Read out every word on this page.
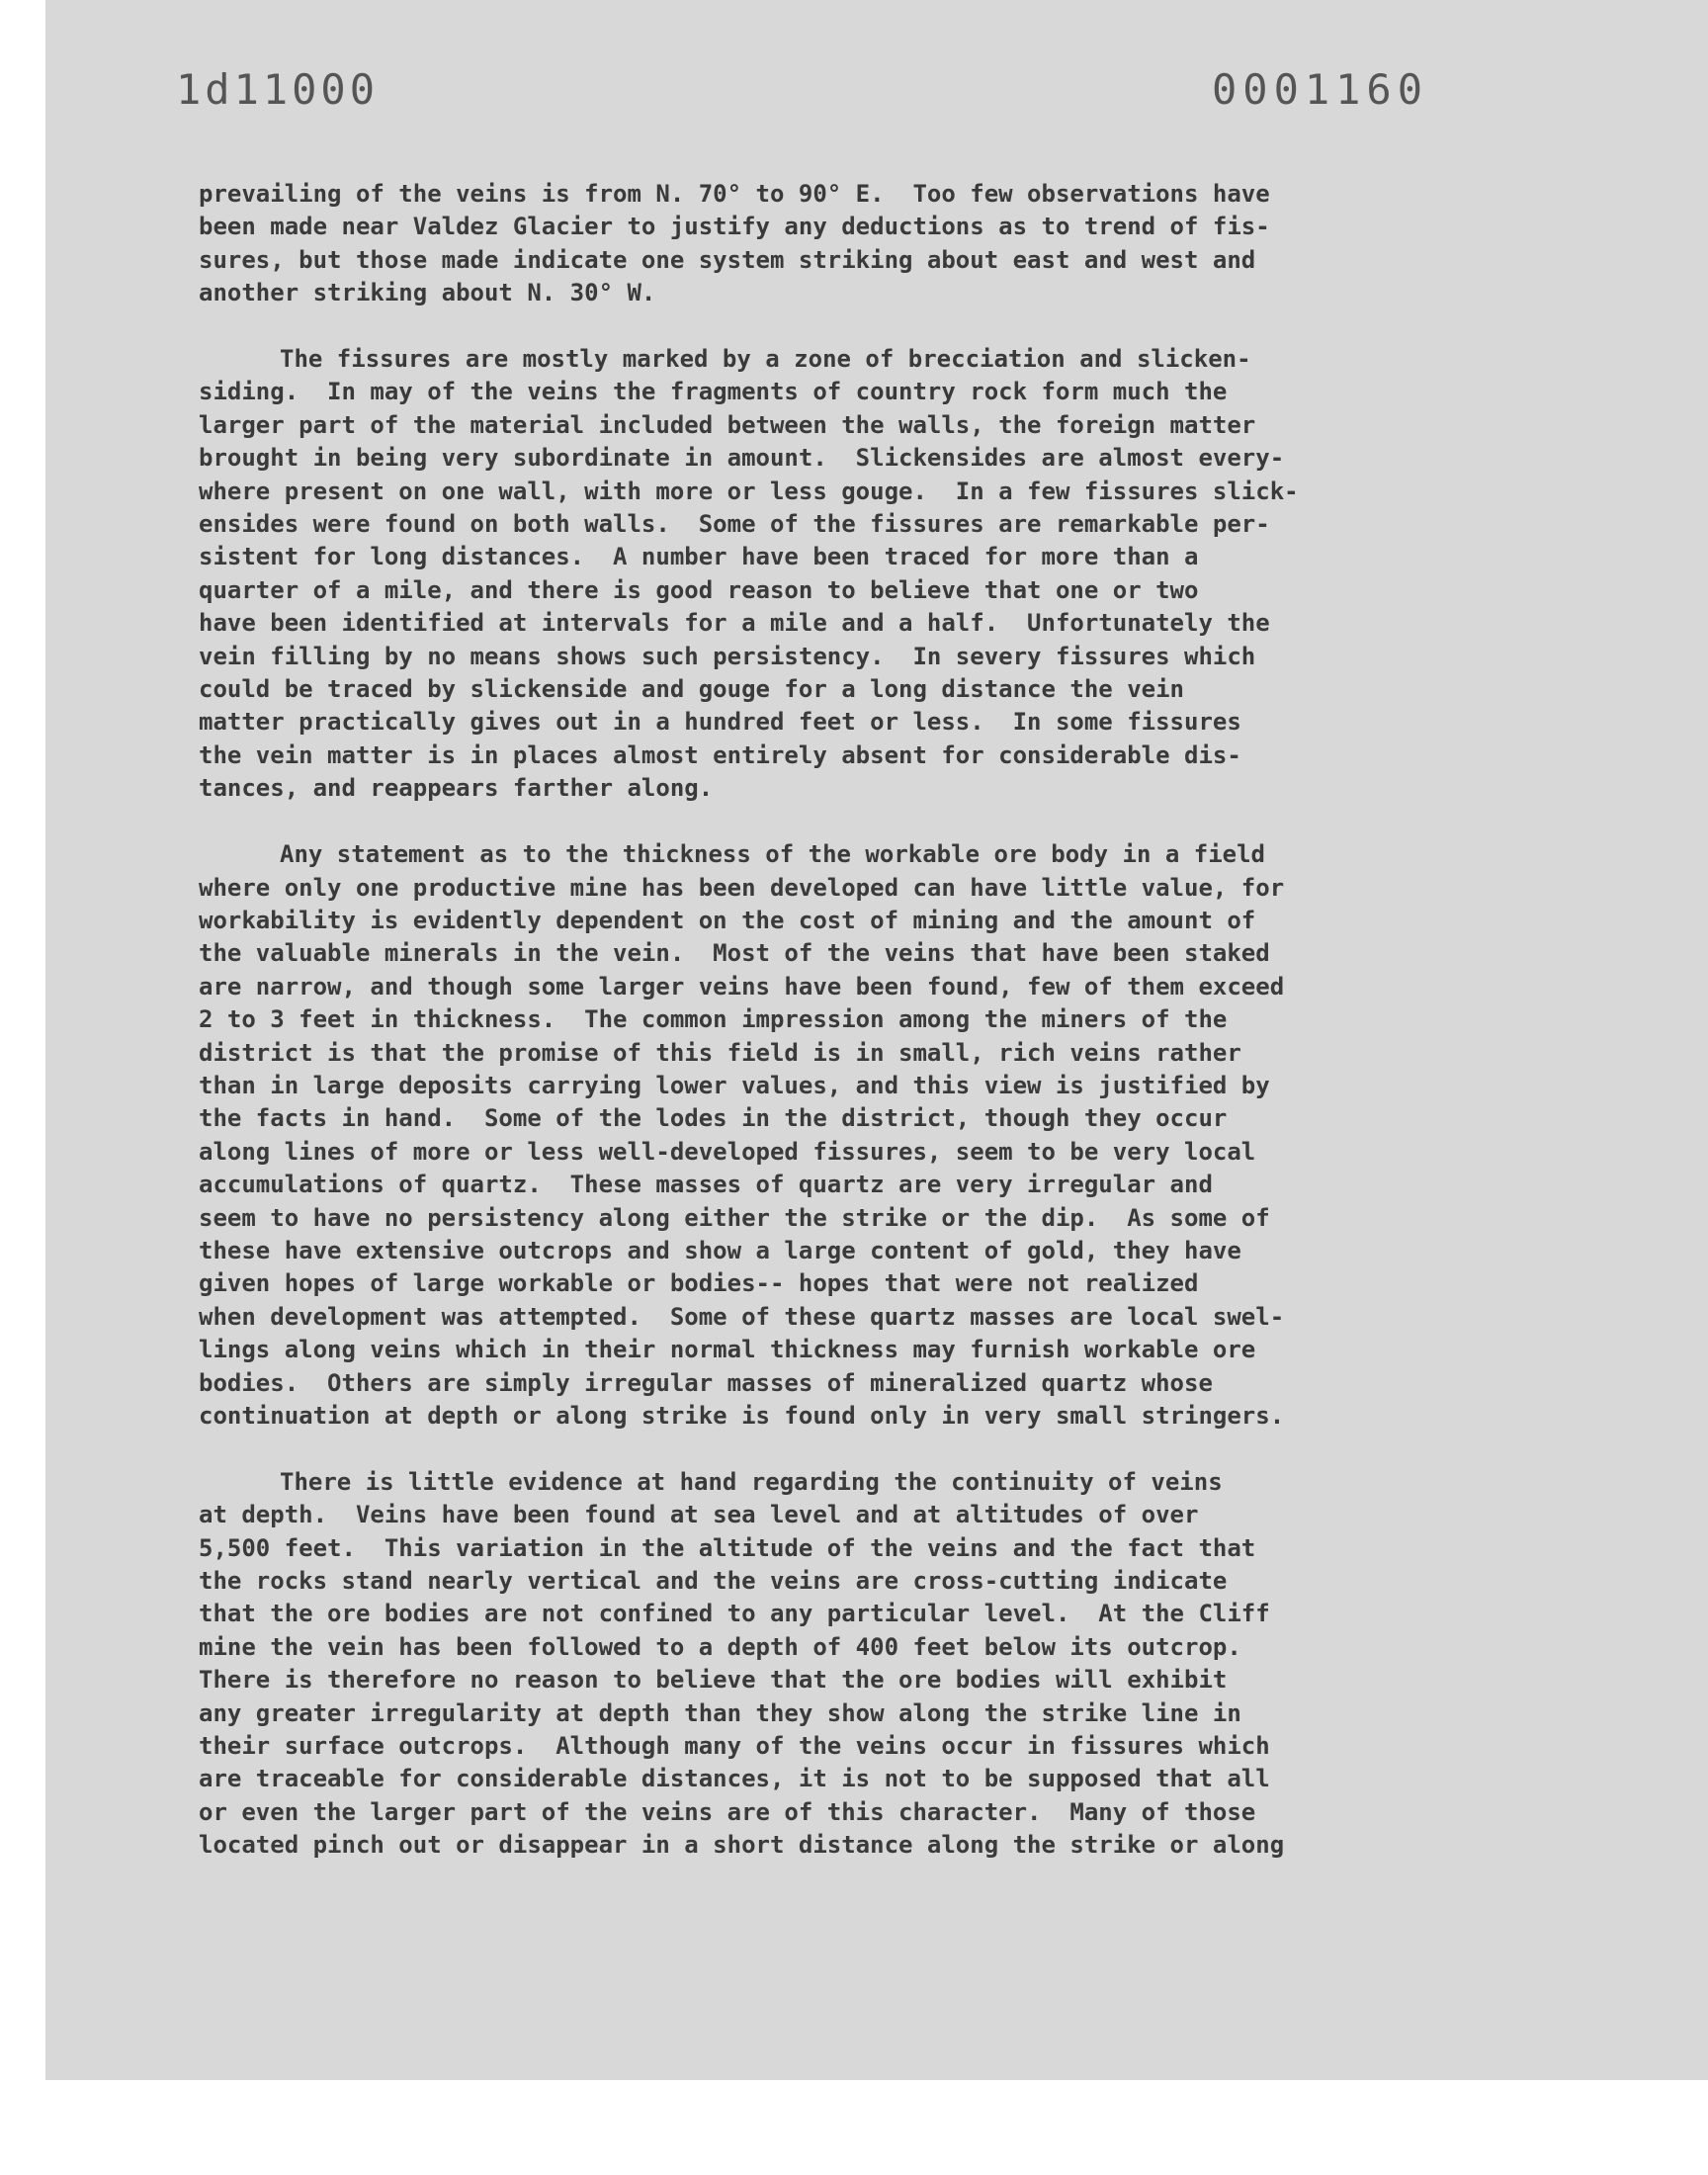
1d11000	0001160
prevailing of the veins is from N. 70° to 90° E.  Too few observations have
been made near Valdez Glacier to justify any deductions as to trend of fis-
sures, but those made indicate one system striking about east and west and
another striking about N. 30° W.
The fissures are mostly marked by a zone of brecciation and slicken-
siding.  In may of the veins the fragments of country rock form much the
larger part of the material included between the walls, the foreign matter
brought in being very subordinate in amount.  Slickensides are almost every-
where present on one wall, with more or less gouge.  In a few fissures slick-
ensides were found on both walls.  Some of the fissures are remarkable per-
sistent for long distances.  A number have been traced for more than a
quarter of a mile, and there is good reason to believe that one or two
have been identified at intervals for a mile and a half.  Unfortunately the
vein filling by no means shows such persistency.  In severy fissures which
could be traced by slickenside and gouge for a long distance the vein
matter practically gives out in a hundred feet or less.  In some fissures
the vein matter is in places almost entirely absent for considerable dis-
tances, and reappears farther along.
Any statement as to the thickness of the workable ore body in a field
where only one productive mine has been developed can have little value, for
workability is evidently dependent on the cost of mining and the amount of
the valuable minerals in the vein.  Most of the veins that have been staked
are narrow, and though some larger veins have been found, few of them exceed
2 to 3 feet in thickness.  The common impression among the miners of the
district is that the promise of this field is in small, rich veins rather
than in large deposits carrying lower values, and this view is justified by
the facts in hand.  Some of the lodes in the district, though they occur
along lines of more or less well-developed fissures, seem to be very local
accumulations of quartz.  These masses of quartz are very irregular and
seem to have no persistency along either the strike or the dip.  As some of
these have extensive outcrops and show a large content of gold, they have
given hopes of large workable or bodies-- hopes that were not realized
when development was attempted.  Some of these quartz masses are local swel-
lings along veins which in their normal thickness may furnish workable ore
bodies.  Others are simply irregular masses of mineralized quartz whose
continuation at depth or along strike is found only in very small stringers.
There is little evidence at hand regarding the continuity of veins
at depth.  Veins have been found at sea level and at altitudes of over
5,500 feet.  This variation in the altitude of the veins and the fact that
the rocks stand nearly vertical and the veins are cross-cutting indicate
that the ore bodies are not confined to any particular level.  At the Cliff
mine the vein has been followed to a depth of 400 feet below its outcrop.
There is therefore no reason to believe that the ore bodies will exhibit
any greater irregularity at depth than they show along the strike line in
their surface outcrops.  Although many of the veins occur in fissures which
are traceable for considerable distances, it is not to be supposed that all
or even the larger part of the veins are of this character.  Many of those
located pinch out or disappear in a short distance along the strike or along
